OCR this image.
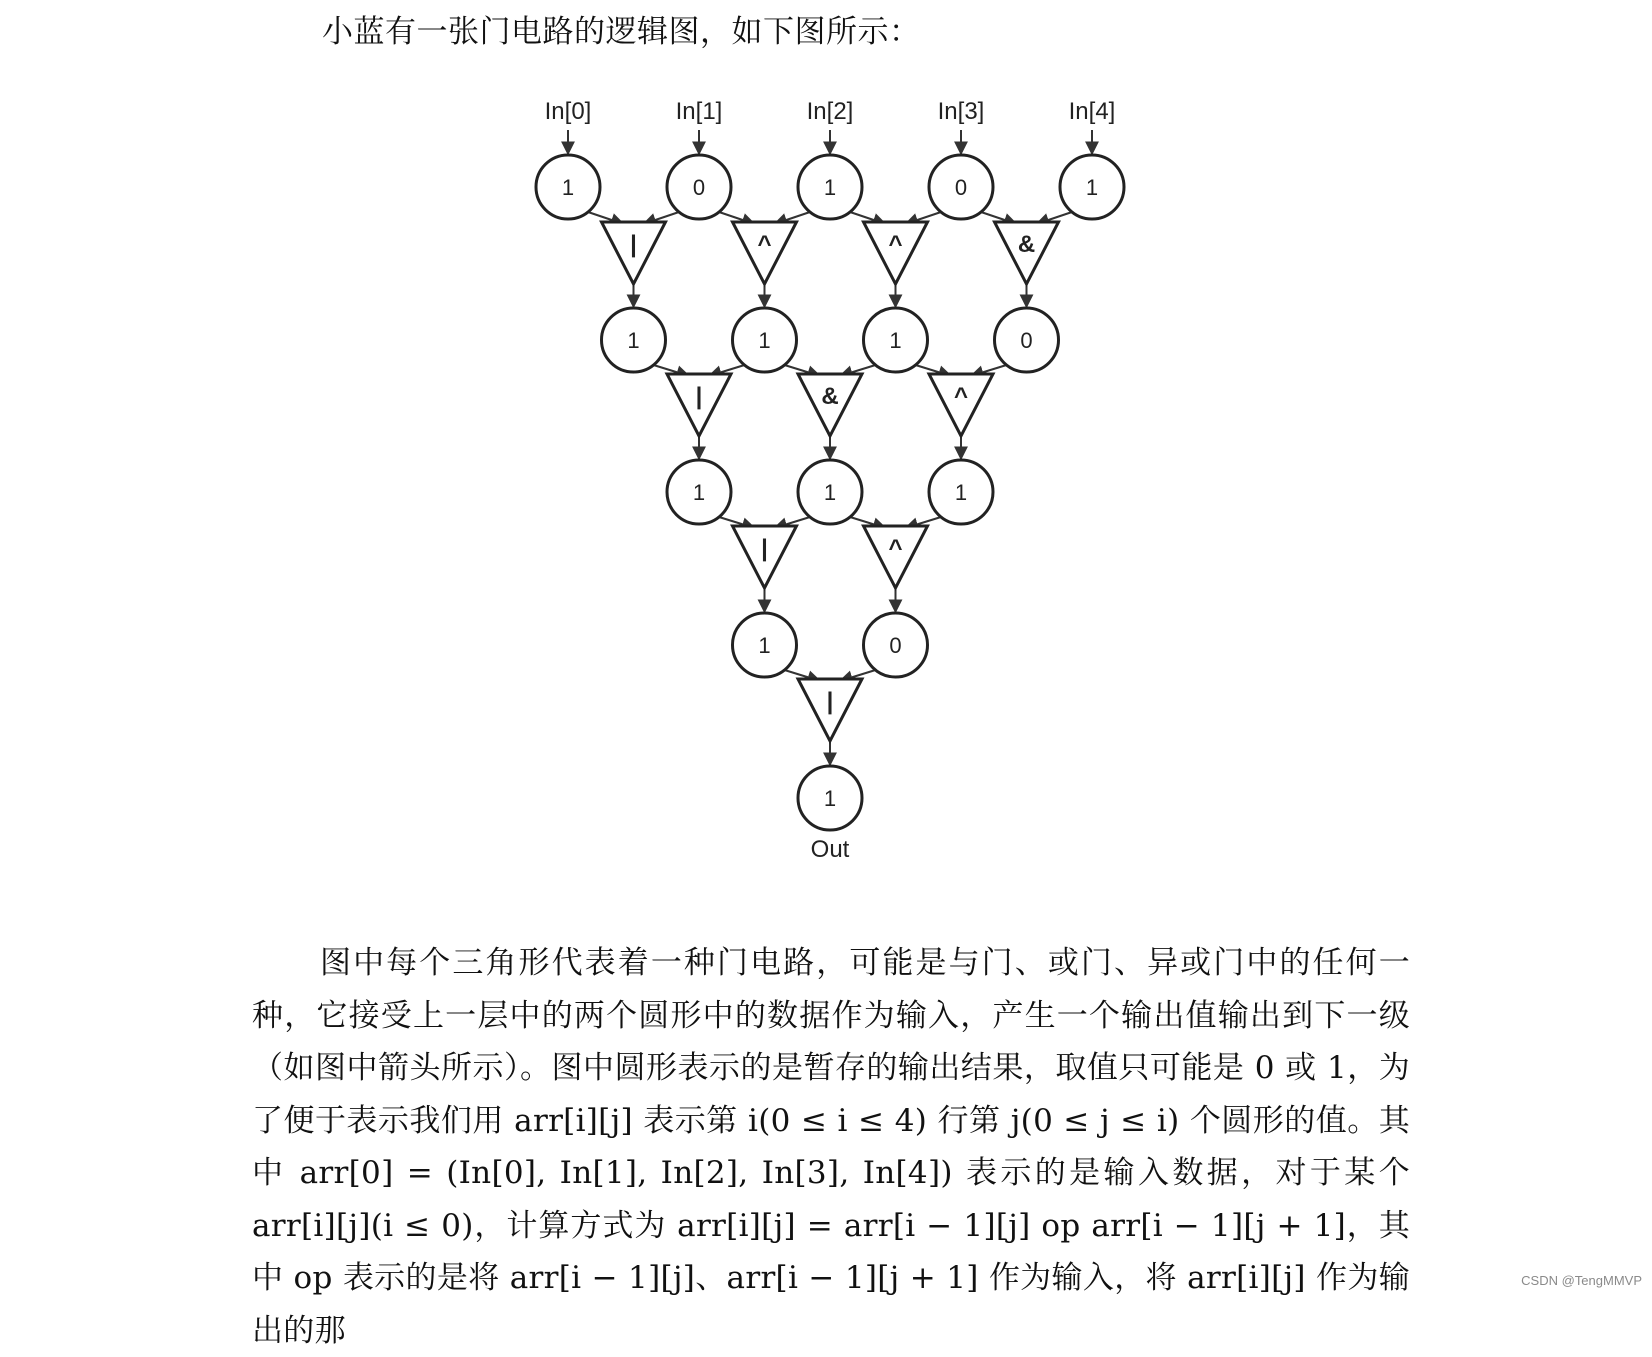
小蓝有一张门电路的逻辑图，如下图所示：
|	^	^	&
|	&	^
|	^
|
1	0	1	0	1
1	1	1	0
1	1	1
1	0
1
In[0]	In[1]	In[2]	In[3]	In[4]
Out
图中每个三角形代表着一种门电路，可能是与门、或门、异或门中的任何一种，它接受上一层中的两个圆形中的数据作为输入，产生一个输出值输出到下一级（如图中箭头所示）。图中圆形表示的是暂存的输出结果，取值只可能是 0 或 1，为了便于表示我们用 arr[i][j] 表示第 i(0 ≤ i ≤ 4) 行第 j(0 ≤ j ≤ i) 个圆形的值。其中 arr[0] = (In[0], In[1], In[2], In[3], In[4]) 表示的是输入数据，对于某个 arr[i][j](i ≤ 0)，计算方式为 arr[i][j] = arr[i − 1][j] op arr[i − 1][j + 1]，其中 op 表示的是将 arr[i − 1][j]、arr[i − 1][j + 1] 作为输入，将 arr[i][j] 作为输出的那
CSDN @TengMMVP
